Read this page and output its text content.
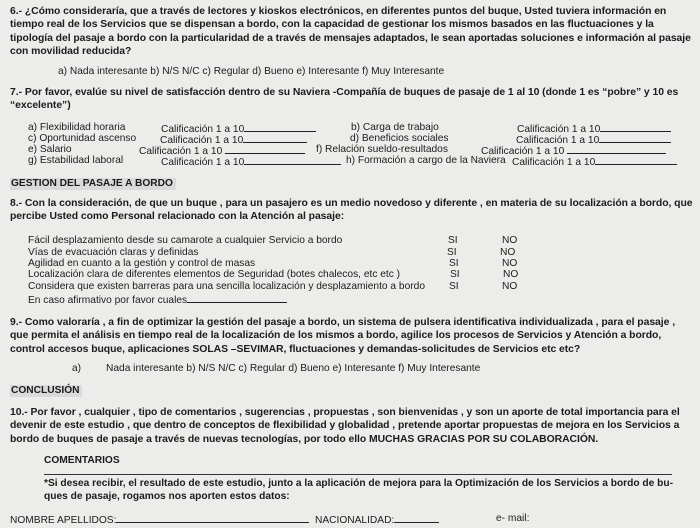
6.- ¿Cómo consideraría, que a través de lectores y kioskos electrónicos, en diferentes puntos del buque, Usted tuviera información en tiempo real de los Servicios que se dispensan a bordo, con la capacidad de gestionar los mismos basados en las fluctuaciones y la tipología del pasaje a bordo con la particularidad de a través de mensajes adaptados, le sean aportadas soluciones e información al pasaje con movilidad reducida?
a) Nada interesante b) N/S N/C c) Regular d) Bueno e) Interesante f) Muy Interesante
7.- Por favor, evalúe su nivel de satisfacción dentro de su Naviera -Compañía de buques de pasaje de 1 al 10 (donde 1 es “pobre” y 10 es “excelente”)
a) Flexibilidad horaria	Calificación 1 a 10	b) Carga de trabajo	Calificación 1 a 10
c) Oportunidad ascenso Calificación 1 a 10	d) Beneficios sociales	Calificación 1 a 10
e) Salario	Calificación 1 a 10	f) Relación sueldo-resultados	Calificación 1 a 10
g) Estabilidad laboral	Calificación 1 a 10	h) Formación a cargo de la Naviera Calificación 1 a 10
GESTION DEL PASAJE A BORDO
8.- Con la consideración, de que un buque , para un pasajero es un medio novedoso y diferente , en materia de su localización a bordo, que percibe Usted como Personal relacionado con la Atención al pasaje:
Fácil desplazamiento desde su camarote a cualquier Servicio a bordo	SI	NO
Vías de evacuación claras y definidas	SI	NO
Agilidad en cuanto a la gestión y control de masas	SI	NO
Localización clara de diferentes elementos de Seguridad (botes chalecos, etc etc )	SI	NO
Considera que existen barreras para una sencilla localización y desplazamiento a bordo SI	NO
En caso afirmativo por favor cuales
9.- Como valoraría , a fin de optimizar la gestión del pasaje a bordo, un sistema de pulsera identificativa individualizada , para el pasaje , que permita el análisis en tiempo real de la localización de los mismos a bordo, agilice los procesos de Servicios y Atención a bordo, control accesos buque, aplicaciones SOLAS –SEVIMAR, fluctuaciones y demandas-solicitudes de Servicios etc etc?
a) Nada interesante b) N/S N/C c) Regular d) Bueno e) Interesante f) Muy Interesante
CONCLUSIÓN
10.- Por favor , cualquier , tipo de comentarios , sugerencias , propuestas , son bienvenidas , y son un aporte de total importancia para el devenir de este estudio , que dentro de conceptos de flexibilidad y globalidad , pretende aportar propuestas de mejora en los Servicios a bordo de buques de pasaje a través de nuevas tecnologías, por todo ello MUCHAS GRACIAS POR SU COLABORACIÓN.
COMENTARIOS
*Si desea recibir, el resultado de este estudio, junto a la aplicación de mejora para la Optimización de los Servicios a bordo de bu-ques de pasaje, rogamos nos aporten estos datos:
NOMBRE APELLIDOS:	NACIONALIDAD:	e- mail:
